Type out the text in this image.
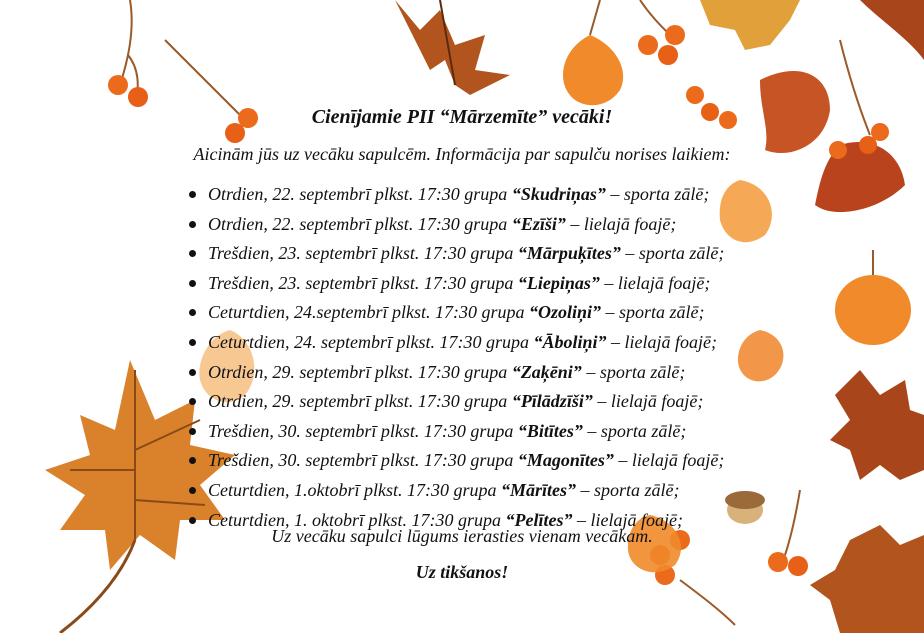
Cienījamie PII “Mārzemīte” vecāki!
Aicinām jūs uz vecāku sapulcēm. Informācija par sapulču norises laikiem:
Otrdien, 22. septembrī plkst. 17:30 grupa “Skudriņas” – sporta zālē;
Otrdien, 22. septembrī plkst. 17:30 grupa “Ezīši” – lielajā foajē;
Trešdien, 23. septembrī plkst. 17:30 grupa “Mārpuķītes” – sporta zālē;
Trešdien, 23. septembrī plkst. 17:30 grupa “Liepiņas” – lielajā foajē;
Ceturtdien, 24.septembrī plkst. 17:30 grupa “Ozoliņi” – sporta zālē;
Ceturtdien, 24. septembrī plkst. 17:30 grupa “Āboliņi” – lielajā foajē;
Otrdien, 29. septembrī plkst. 17:30 grupa “Zaķēni” – sporta zālē;
Otrdien, 29. septembrī plkst. 17:30 grupa “Pīlādzīši” – lielajā foajē;
Trešdien, 30. septembrī plkst. 17:30 grupa “Bitītes” – sporta zālē;
Trešdien, 30. septembrī plkst. 17:30 grupa “Magonītes” – lielajā foajē;
Ceturtdien, 1.oktobrī plkst. 17:30 grupa “Mārītes” – sporta zālē;
Ceturtdien, 1. oktobrī plkst. 17:30 grupa “Pelītes” – lielajā foajē;
Uz vecāku sapulci lūgums ierasties vienam vecākam.
Uz tikšanos!
